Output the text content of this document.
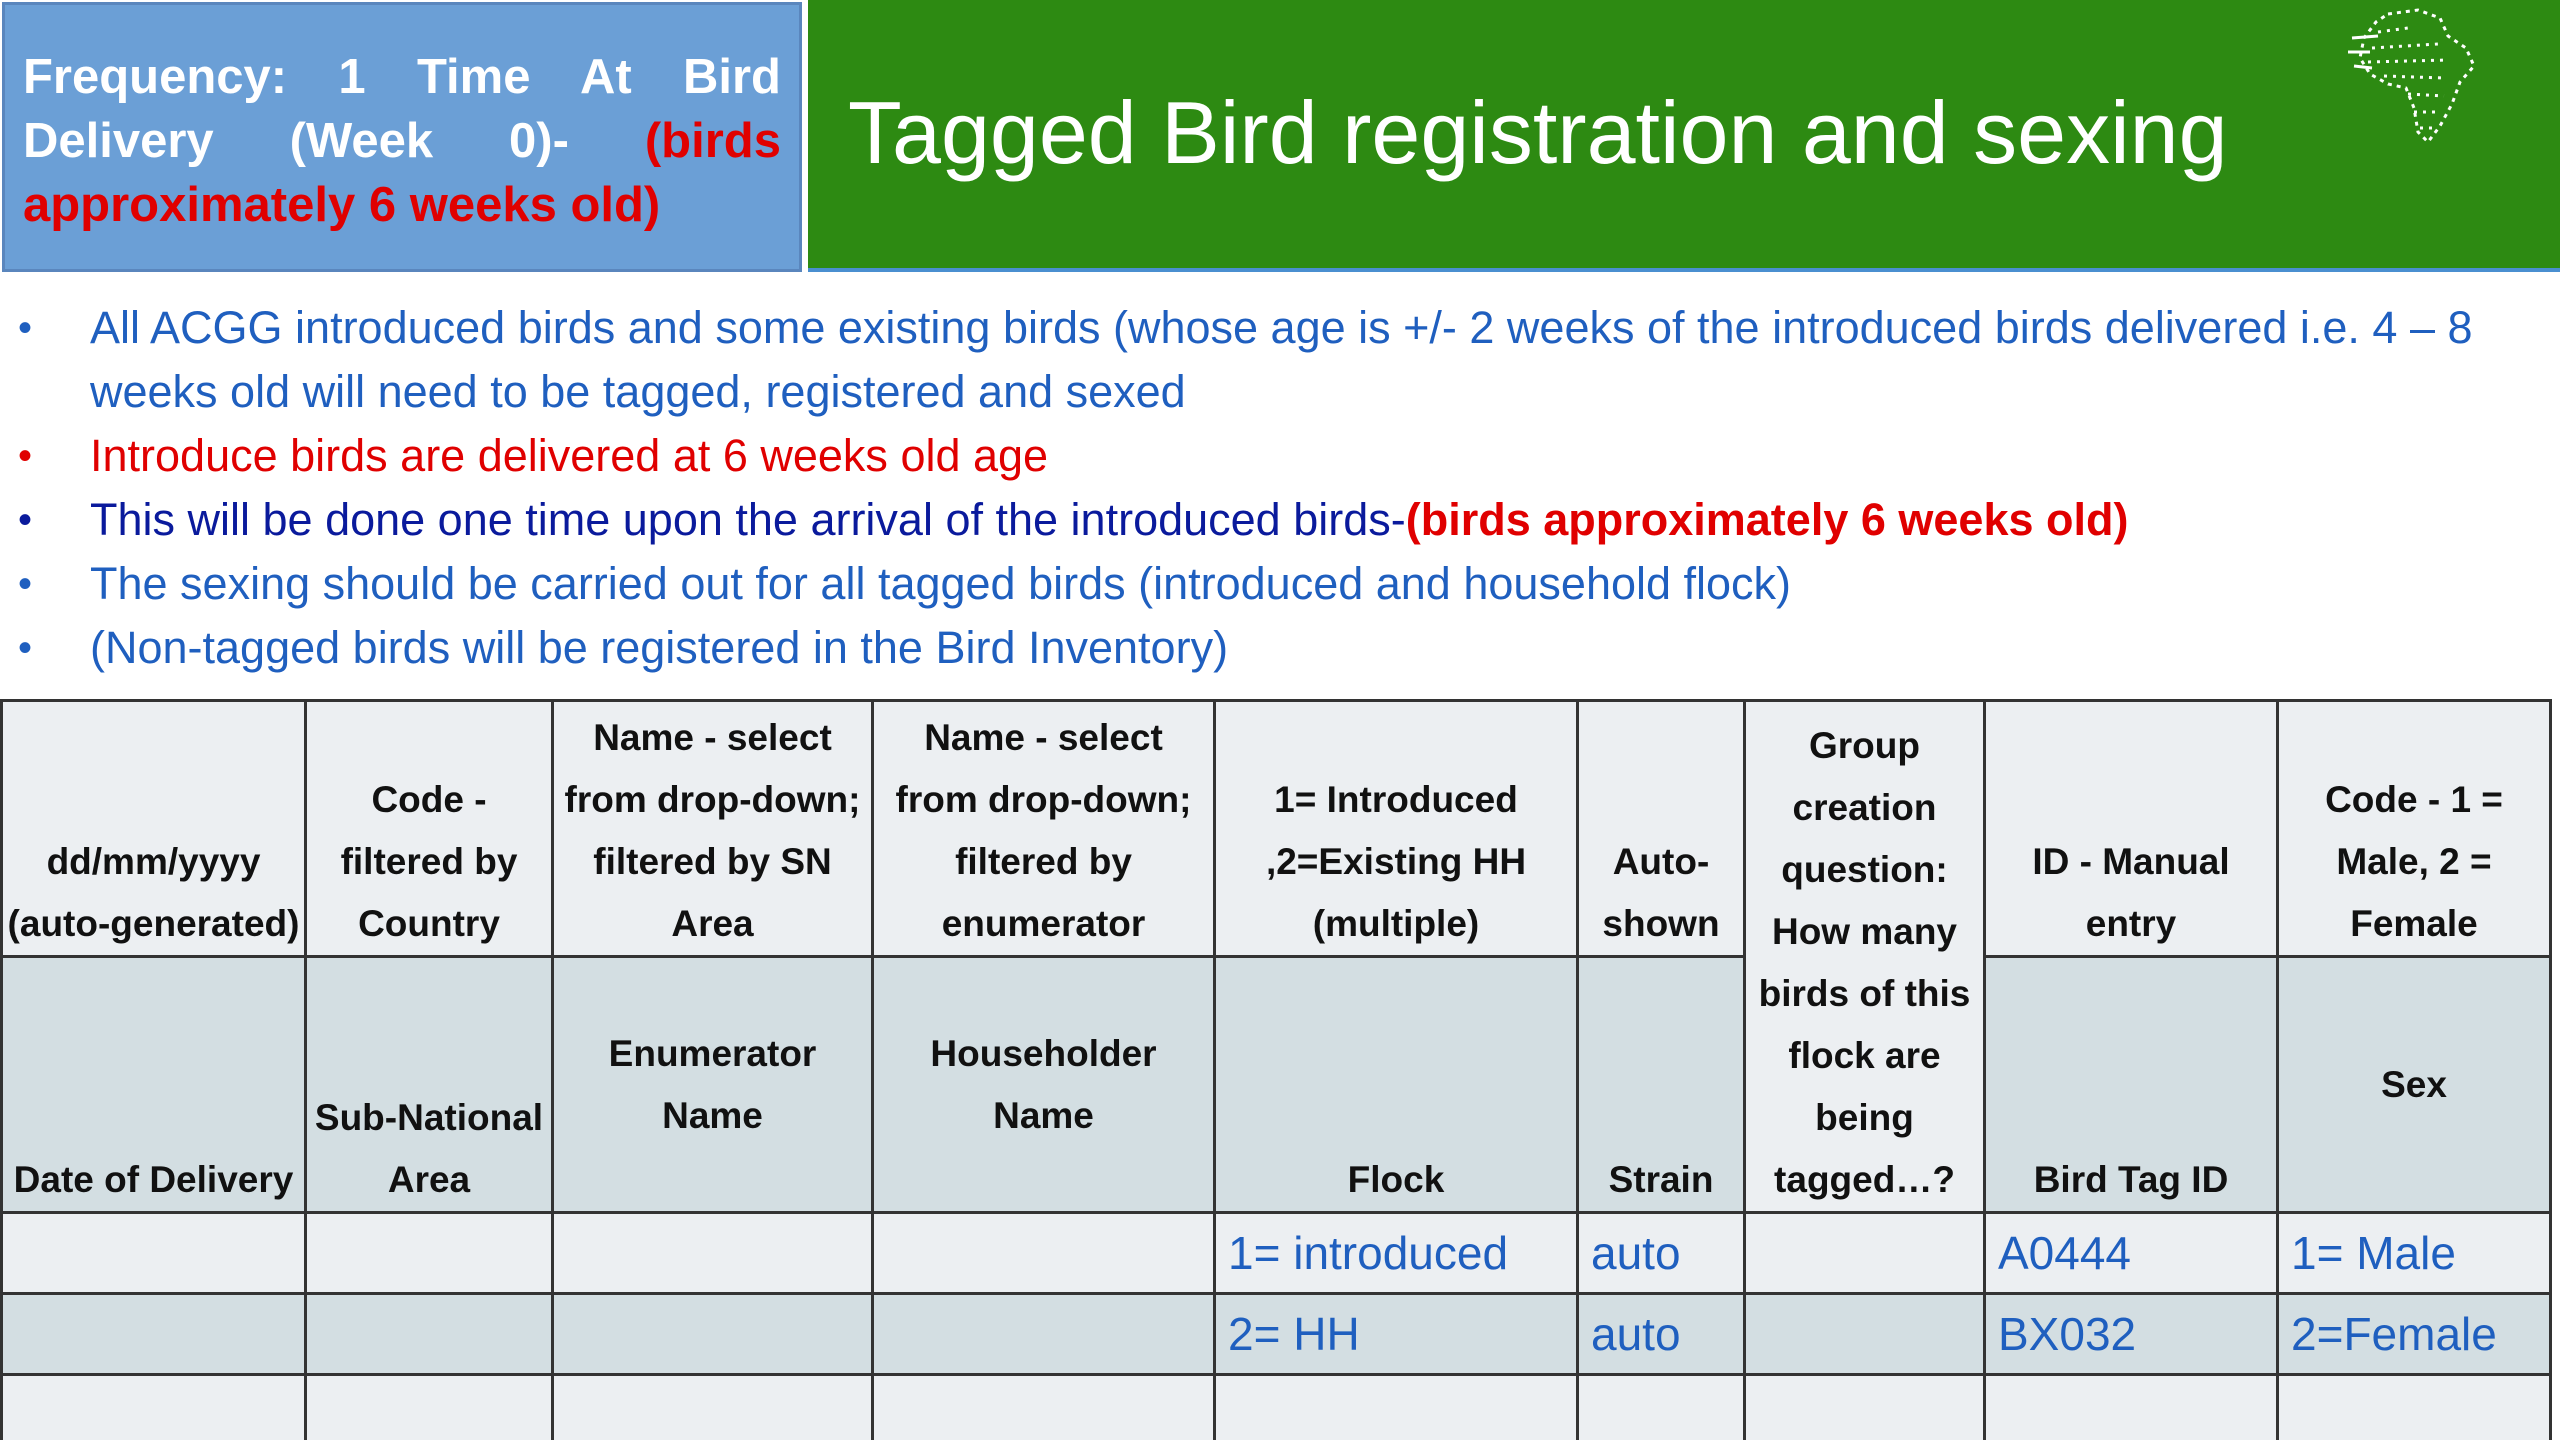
Frequency: 1 Time At Bird Delivery (Week 0)- (birds approximately 6 weeks old)
Tagged Bird registration and sexing
• All ACGG introduced birds and some existing birds (whose age is +/- 2 weeks of the introduced birds delivered i.e. 4 – 8 weeks old will need to be tagged, registered and sexed
• Introduce birds are delivered at 6 weeks old age
• This will be done one time upon the arrival of the introduced birds-(birds approximately 6 weeks old)
• The sexing should be carried out for all tagged birds (introduced and household flock)
• (Non-tagged birds will be registered in the Bird Inventory)
dd/mm/yyyy (auto-generated)	Code - filtered by Country	Name - select from drop-down; filtered by SN Area	Name - select from drop-down; filtered by enumerator	1= Introduced ,2=Existing HH (multiple)	Auto-shown	Group creation question: How many birds of this flock are being tagged…?	ID - Manual entry	Code - 1 = Male, 2 = Female
Date of Delivery	Sub-National Area	Enumerator Name	Householder Name	Flock	Strain		Bird Tag ID	Sex
				1= introduced	auto		A0444	1= Male
				2= HH	auto		BX032	2=Female
